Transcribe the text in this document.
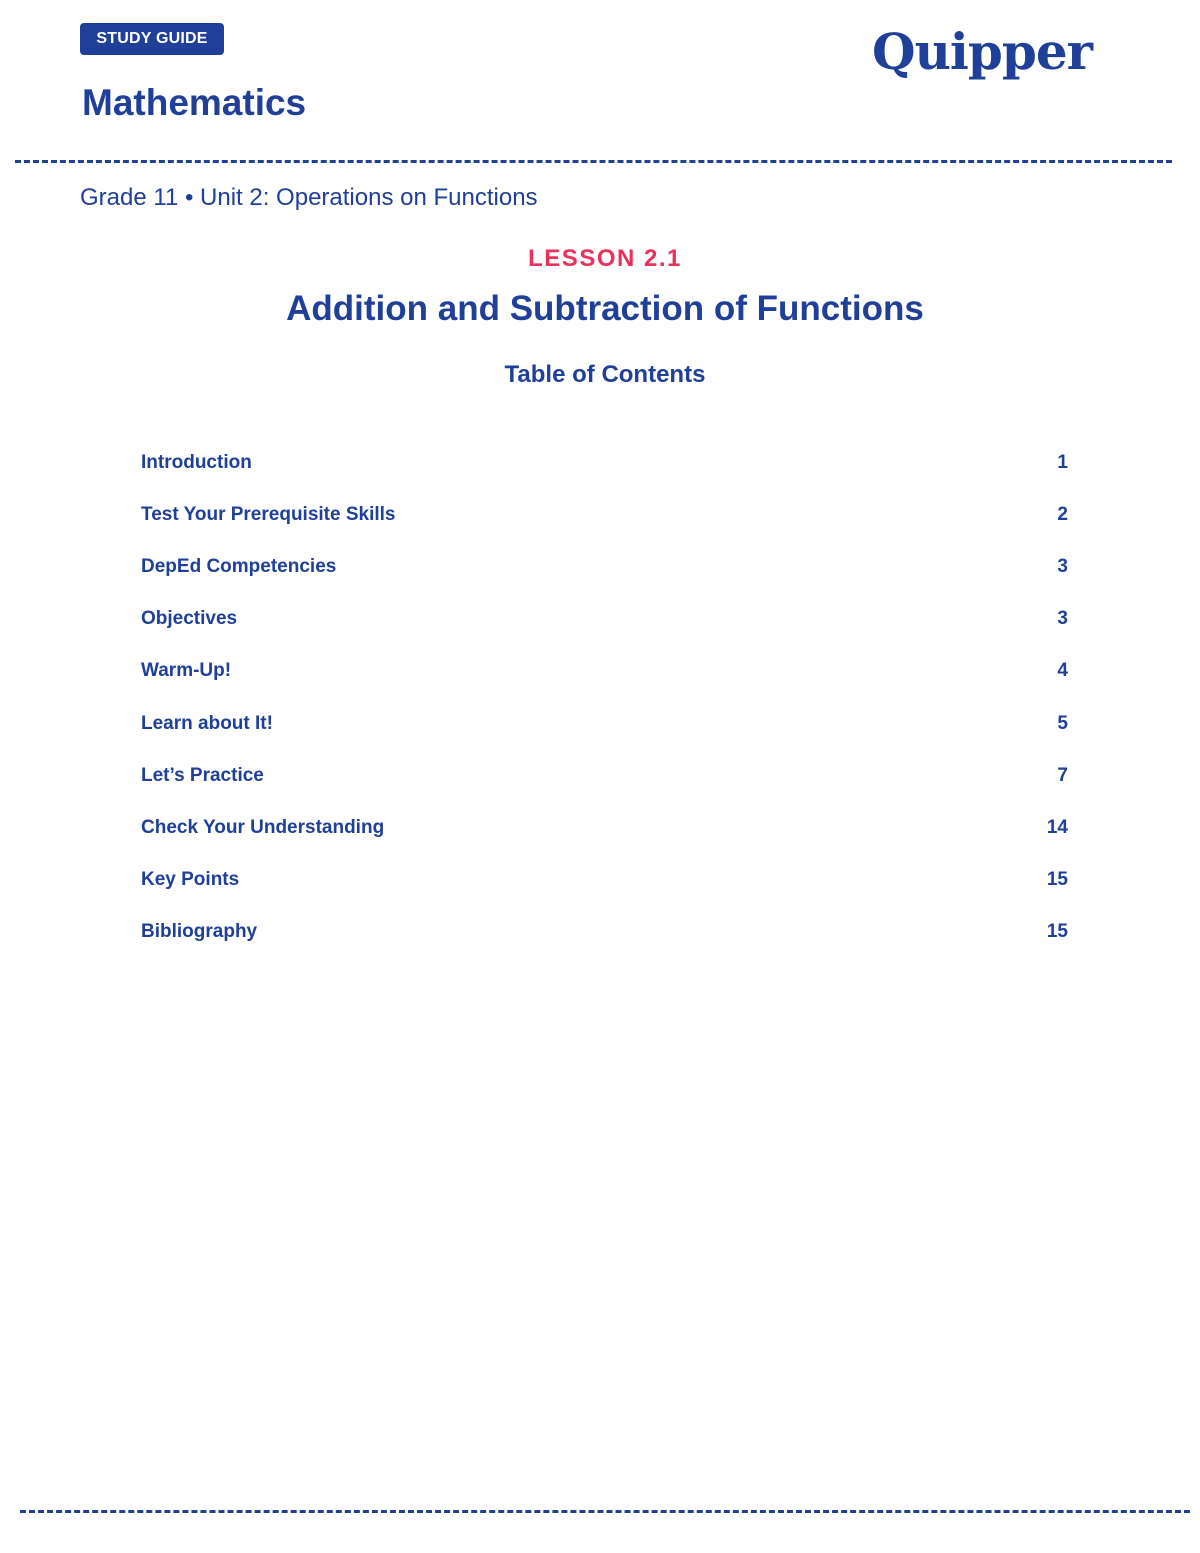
STUDY GUIDE
Mathematics
Quipper
Grade 11 • Unit 2: Operations on Functions
LESSON 2.1
Addition and Subtraction of Functions
Table of Contents
Introduction	1
Test Your Prerequisite Skills	2
DepEd Competencies	3
Objectives	3
Warm-Up!	4
Learn about It!	5
Let’s Practice	7
Check Your Understanding	14
Key Points	15
Bibliography	15
